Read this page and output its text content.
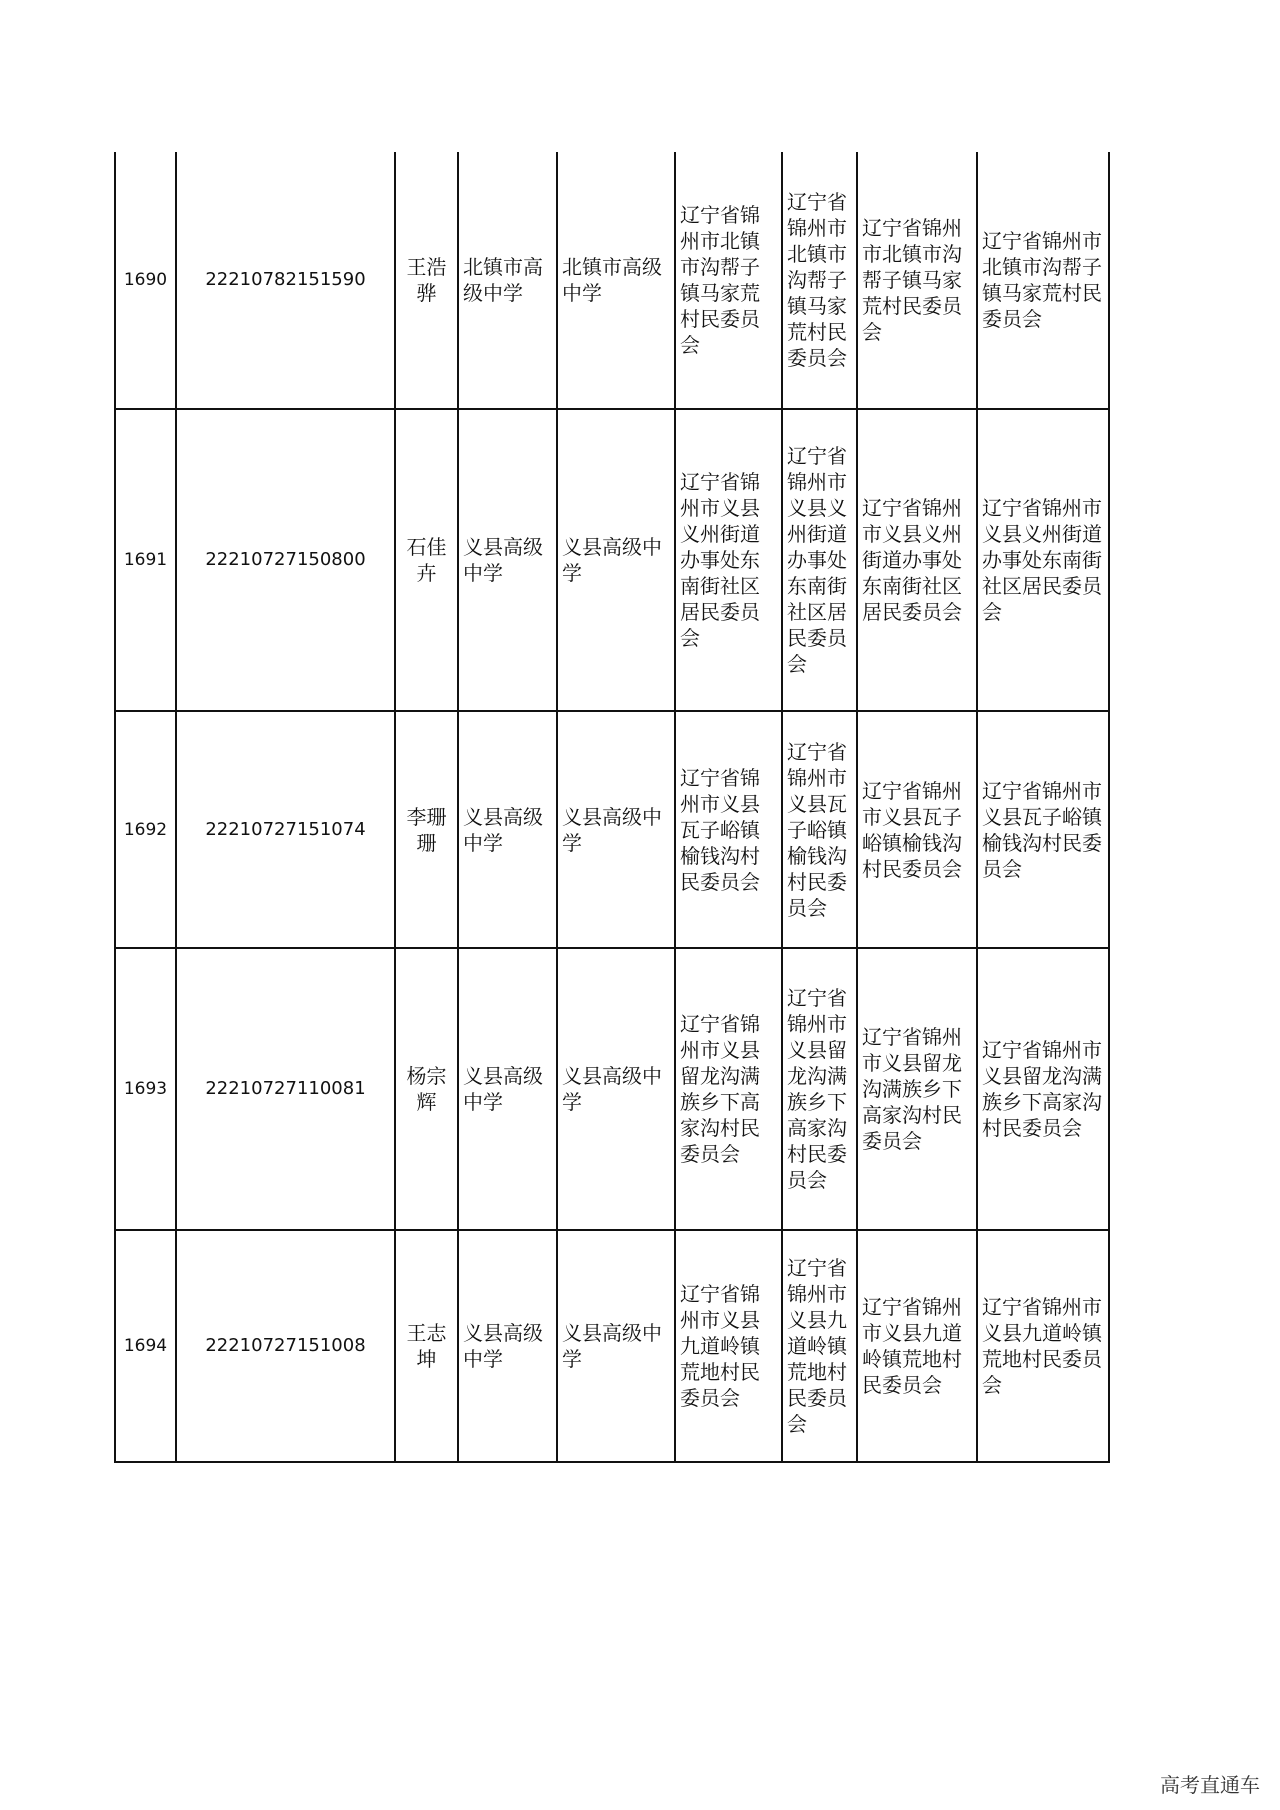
1690	22210782151590	王浩骅	北镇市高级中学	北镇市高级中学	辽宁省锦州市北镇市沟帮子镇马家荒村民委员会	辽宁省锦州市北镇市沟帮子镇马家荒村民委员会	辽宁省锦州市北镇市沟帮子镇马家荒村民委员会	辽宁省锦州市北镇市沟帮子镇马家荒村民委员会
1691	22210727150800	石佳卉	义县高级中学	义县高级中学	辽宁省锦州市义县义州街道办事处东南街社区居民委员会	辽宁省锦州市义县义州街道办事处东南街社区居民委员会	辽宁省锦州市义县义州街道办事处东南街社区居民委员会	辽宁省锦州市义县义州街道办事处东南街社区居民委员会
1692	22210727151074	李珊珊	义县高级中学	义县高级中学	辽宁省锦州市义县瓦子峪镇榆钱沟村民委员会	辽宁省锦州市义县瓦子峪镇榆钱沟村民委员会	辽宁省锦州市义县瓦子峪镇榆钱沟村民委员会	辽宁省锦州市义县瓦子峪镇榆钱沟村民委员会
1693	22210727110081	杨宗辉	义县高级中学	义县高级中学	辽宁省锦州市义县留龙沟满族乡下高家沟村民委员会	辽宁省锦州市义县留龙沟满族乡下高家沟村民委员会	辽宁省锦州市义县留龙沟满族乡下高家沟村民委员会	辽宁省锦州市义县留龙沟满族乡下高家沟村民委员会
1694	22210727151008	王志坤	义县高级中学	义县高级中学	辽宁省锦州市义县九道岭镇荒地村民委员会	辽宁省锦州市义县九道岭镇荒地村民委员会	辽宁省锦州市义县九道岭镇荒地村民委员会	辽宁省锦州市义县九道岭镇荒地村民委员会
高考直通车
